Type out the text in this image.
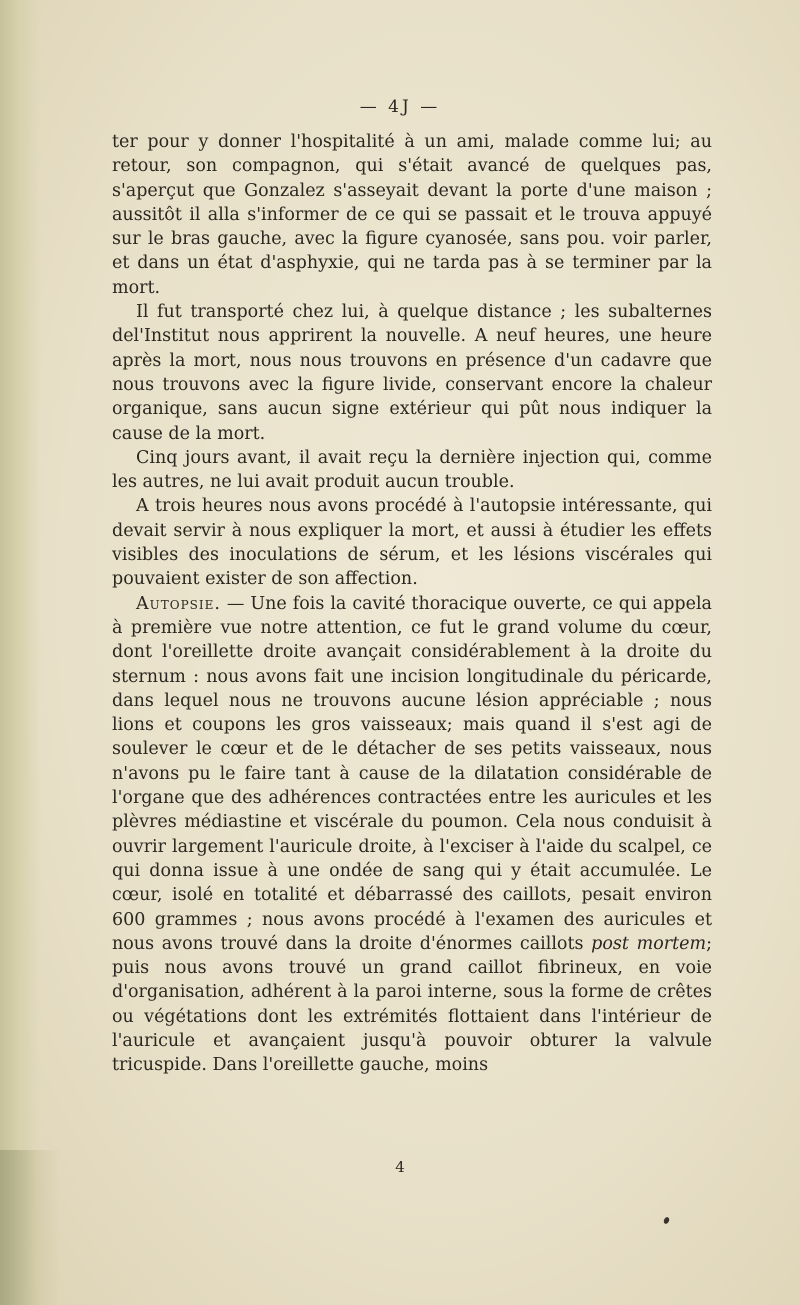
— 4J —

ter pour y donner l'hospitalité à un ami, malade comme lui; au retour, son compagnon, qui s'était avancé de quelques pas, s'aperçut que Gonzalez s'asseyait devant la porte d'une maison ; aussitôt il alla s'informer de ce qui se passait et le trouva appuyé sur le bras gauche, avec la figure cyanosée, sans pou. voir parler, et dans un état d'asphyxie, qui ne tarda pas à se terminer par la mort.

Il fut transporté chez lui, à quelque distance ; les subalternes del'Institut nous apprirent la nouvelle. A neuf heures, une heure après la mort, nous nous trouvons en présence d'un cadavre que nous trouvons avec la figure livide, conservant encore la chaleur organique, sans aucun signe extérieur qui pût nous indiquer la cause de la mort.

Cinq jours avant, il avait reçu la dernière injection qui, comme les autres, ne lui avait produit aucun trouble.

A trois heures nous avons procédé à l'autopsie intéressante, qui devait servir à nous expliquer la mort, et aussi à étudier les effets visibles des inoculations de sérum, et les lésions viscérales qui pouvaient exister de son affection.

Autopsie. — Une fois la cavité thoracique ouverte, ce qui appela à première vue notre attention, ce fut le grand volume du cœur, dont l'oreillette droite avançait considérablement à la droite du sternum : nous avons fait une incision longitudinale du péricarde, dans lequel nous ne trouvons aucune lésion appréciable ; nous lions et coupons les gros vaisseaux; mais quand il s'est agi de soulever le cœur et de le détacher de ses petits vaisseaux, nous n'avons pu le faire tant à cause de la dilatation considérable de l'organe que des adhérences contractées entre les auricules et les plèvres médiastine et viscérale du poumon. Cela nous conduisit à ouvrir largement l'auricule droite, à l'exciser à l'aide du scalpel, ce qui donna issue à une ondée de sang qui y était accumulée. Le cœur, isolé en totalité et débarrassé des caillots, pesait environ 600 grammes ; nous avons procédé à l'examen des auricules et nous avons trouvé dans la droite d'énormes caillots post mortem; puis nous avons trouvé un grand caillot fibrineux, en voie d'organisation, adhérent à la paroi interne, sous la forme de crêtes ou végétations dont les extrémités flottaient dans l'intérieur de l'auricule et avançaient jusqu'à pouvoir obturer la valvule tricuspide. Dans l'oreillette gauche, moins

4
